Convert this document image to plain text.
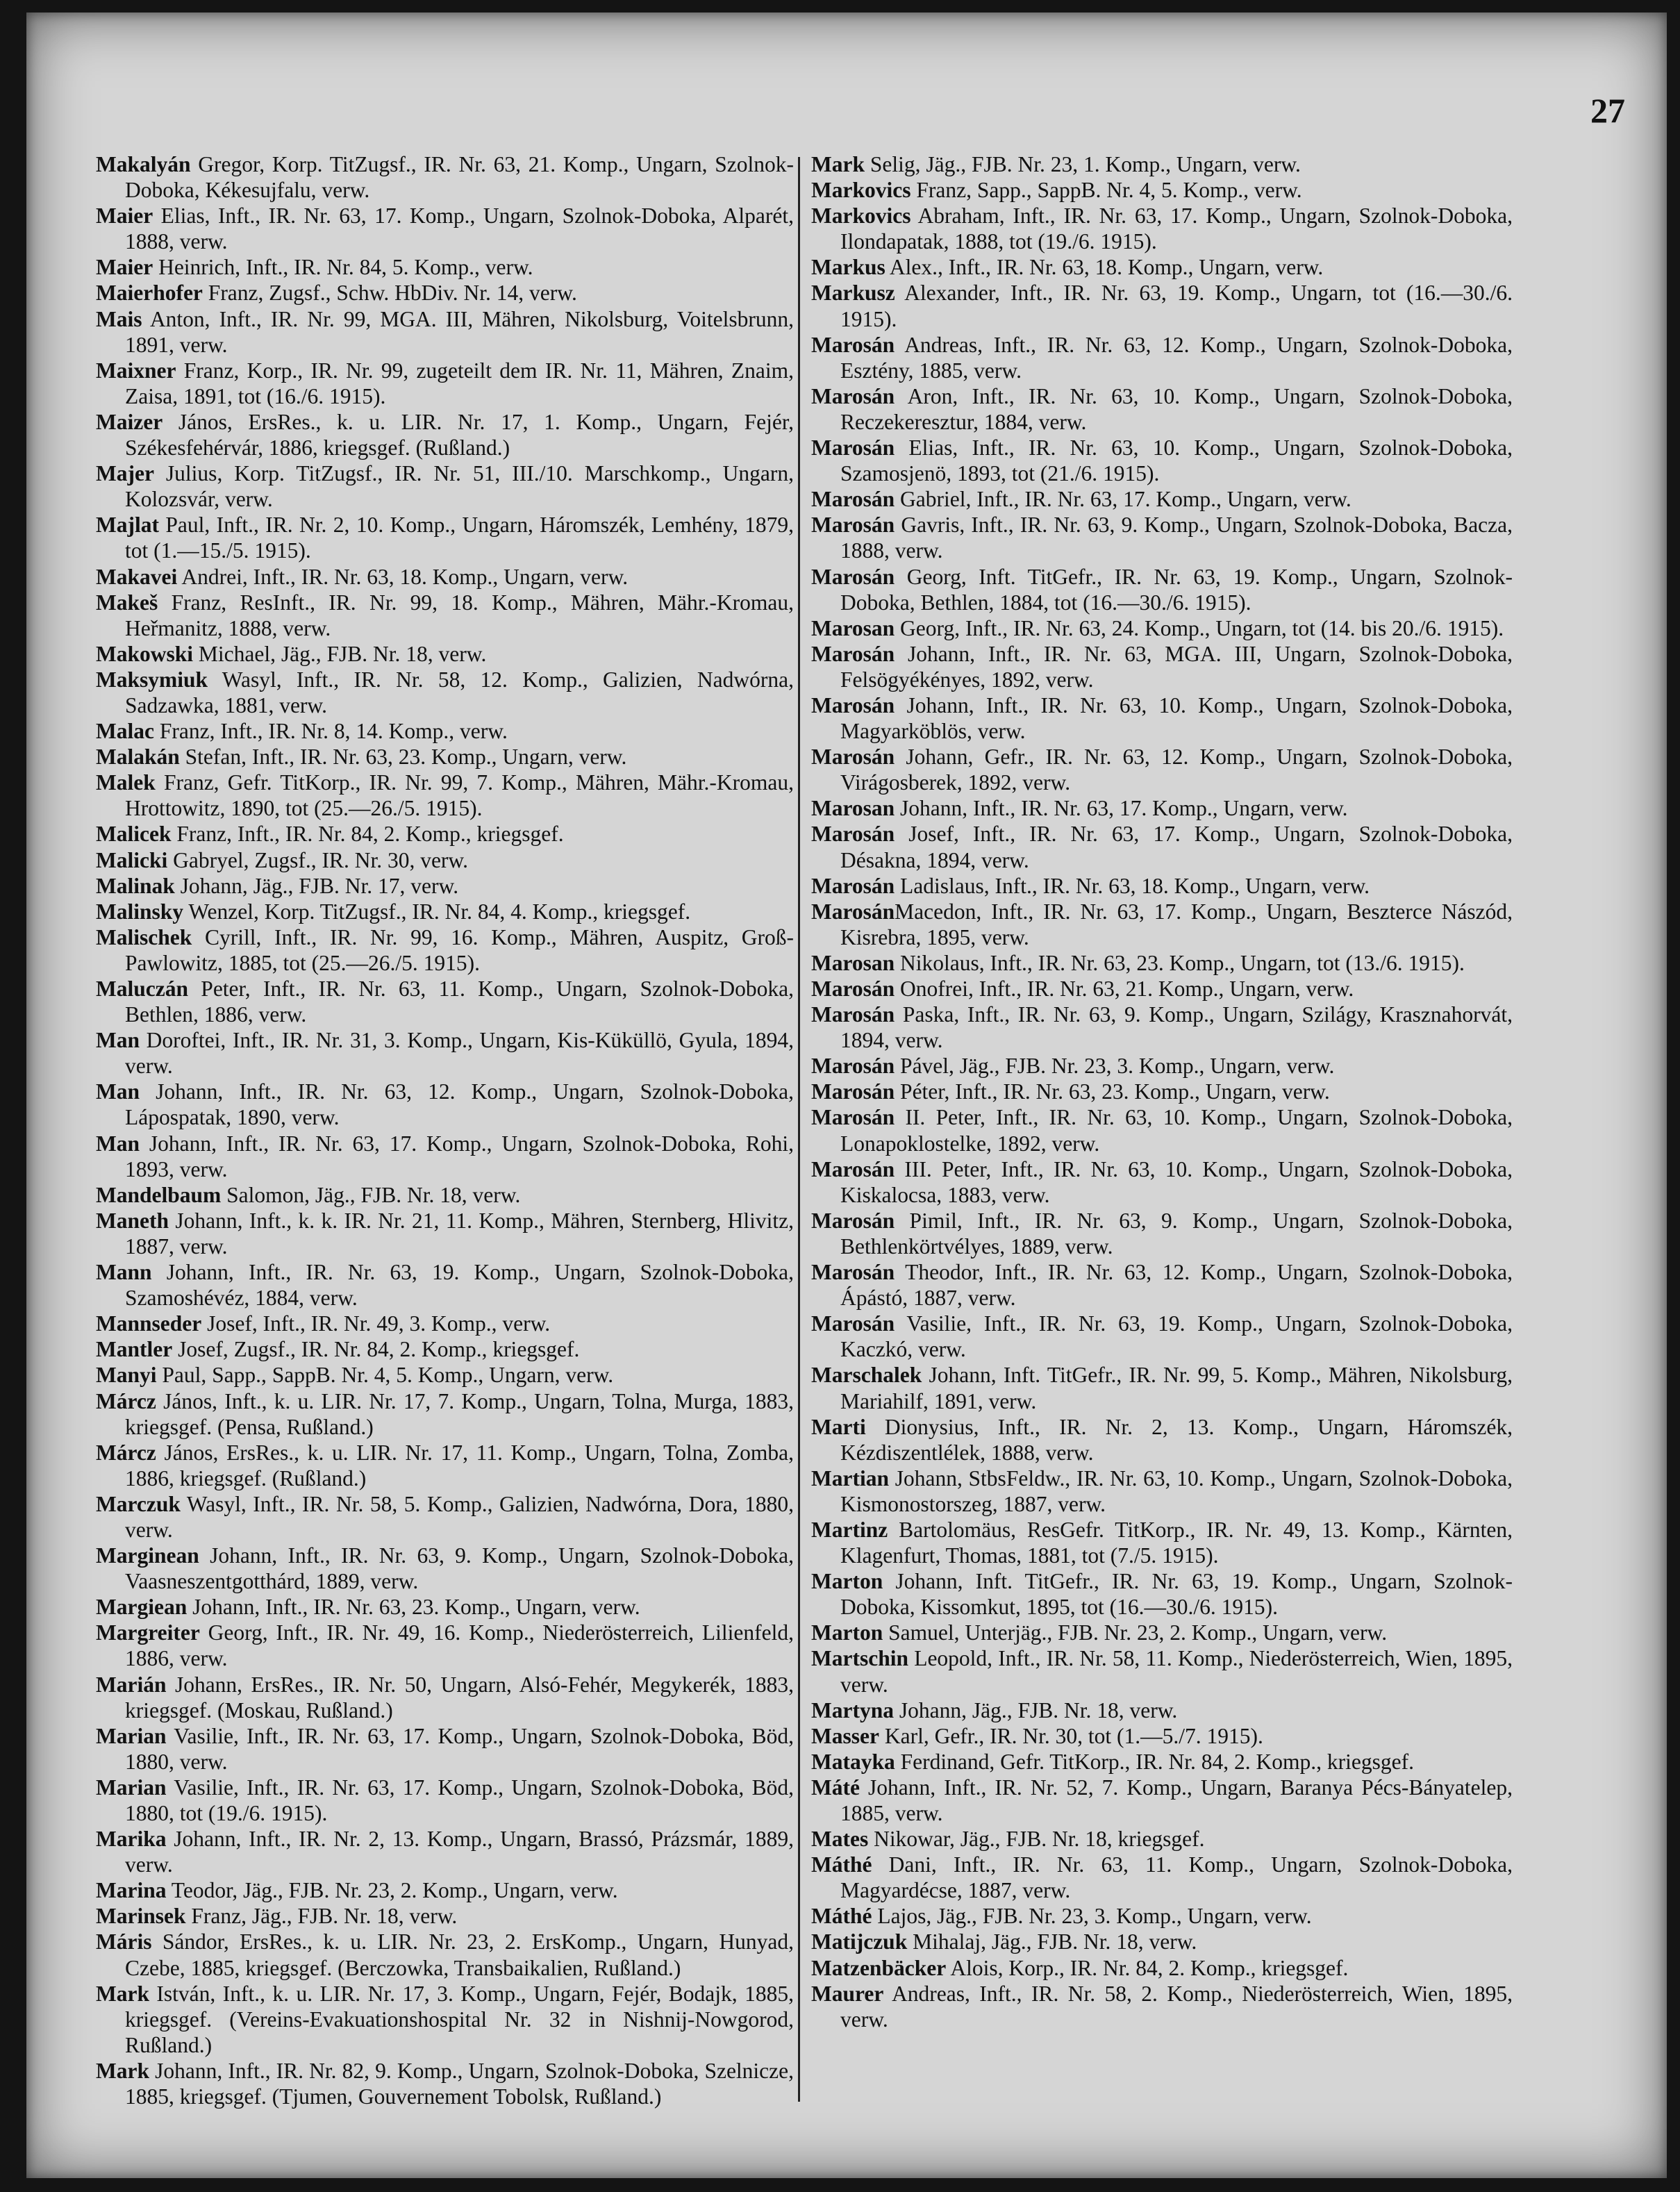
27

Makalyán Gregor, Korp. TitZugsf., IR. Nr. 63, 21. Komp., Ungarn, Szolnok-Doboka, Kékesujfalu, verw.

Maier Elias, Inft., IR. Nr. 63, 17. Komp., Ungarn, Szolnok-Doboka, Alparét, 1888, verw.

Maier Heinrich, Inft., IR. Nr. 84, 5. Komp., verw.

Maierhofer Franz, Zugsf., Schw. HbDiv. Nr. 14, verw.

Mais Anton, Inft., IR. Nr. 99, MGA. III, Mähren, Nikolsburg, Voitelsbrunn, 1891, verw.

Maixner Franz, Korp., IR. Nr. 99, zugeteilt dem IR. Nr. 11, Mähren, Znaim, Zaisa, 1891, tot (16./6. 1915).

Maizer János, ErsRes., k. u. LIR. Nr. 17, 1. Komp., Ungarn, Fejér, Székesfehérvár, 1886, kriegsgef. (Rußland.)

Majer Julius, Korp. TitZugsf., IR. Nr. 51, III./10. Marschkomp., Ungarn, Kolozsvár, verw.

Majlat Paul, Inft., IR. Nr. 2, 10. Komp., Ungarn, Háromszék, Lemhény, 1879, tot (1.—15./5. 1915).

Makavei Andrei, Inft., IR. Nr. 63, 18. Komp., Ungarn, verw.

Makeš Franz, ResInft., IR. Nr. 99, 18. Komp., Mähren, Mähr.-Kromau, Heřmanitz, 1888, verw.

Makowski Michael, Jäg., FJB. Nr. 18, verw.

Maksymiuk Wasyl, Inft., IR. Nr. 58, 12. Komp., Galizien, Nadwórna, Sadzawka, 1881, verw.

Malac Franz, Inft., IR. Nr. 8, 14. Komp., verw.

Malakán Stefan, Inft., IR. Nr. 63, 23. Komp., Ungarn, verw.

Malek Franz, Gefr. TitKorp., IR. Nr. 99, 7. Komp., Mähren, Mähr.-Kromau, Hrottowitz, 1890, tot (25.—26./5. 1915).

Malicek Franz, Inft., IR. Nr. 84, 2. Komp., kriegsgef.

Malicki Gabryel, Zugsf., IR. Nr. 30, verw.

Malinak Johann, Jäg., FJB. Nr. 17, verw.

Malinsky Wenzel, Korp. TitZugsf., IR. Nr. 84, 4. Komp., kriegsgef.

Malischek Cyrill, Inft., IR. Nr. 99, 16. Komp., Mähren, Auspitz, Groß-Pawlowitz, 1885, tot (25.—26./5. 1915).

Maluczán Peter, Inft., IR. Nr. 63, 11. Komp., Ungarn, Szolnok-Doboka, Bethlen, 1886, verw.

Man Doroftei, Inft., IR. Nr. 31, 3. Komp., Ungarn, Kis-Küküllö, Gyula, 1894, verw.

Man Johann, Inft., IR. Nr. 63, 12. Komp., Ungarn, Szolnok-Doboka, Lápospatak, 1890, verw.

Man Johann, Inft., IR. Nr. 63, 17. Komp., Ungarn, Szolnok-Doboka, Rohi, 1893, verw.

Mandelbaum Salomon, Jäg., FJB. Nr. 18, verw.

Maneth Johann, Inft., k. k. IR. Nr. 21, 11. Komp., Mähren, Sternberg, Hlivitz, 1887, verw.

Mann Johann, Inft., IR. Nr. 63, 19. Komp., Ungarn, Szolnok-Doboka, Szamoshévéz, 1884, verw.

Mannseder Josef, Inft., IR. Nr. 49, 3. Komp., verw.

Mantler Josef, Zugsf., IR. Nr. 84, 2. Komp., kriegsgef.

Manyi Paul, Sapp., SappB. Nr. 4, 5. Komp., Ungarn, verw.

Márcz János, Inft., k. u. LIR. Nr. 17, 7. Komp., Ungarn, Tolna, Murga, 1883, kriegsgef. (Pensa, Rußland.)

Márcz János, ErsRes., k. u. LIR. Nr. 17, 11. Komp., Ungarn, Tolna, Zomba, 1886, kriegsgef. (Rußland.)

Marczuk Wasyl, Inft., IR. Nr. 58, 5. Komp., Galizien, Nadwórna, Dora, 1880, verw.

Marginean Johann, Inft., IR. Nr. 63, 9. Komp., Ungarn, Szolnok-Doboka, Vaasneszentgotthárd, 1889, verw.

Margiean Johann, Inft., IR. Nr. 63, 23. Komp., Ungarn, verw.

Margreiter Georg, Inft., IR. Nr. 49, 16. Komp., Niederösterreich, Lilienfeld, 1886, verw.

Marián Johann, ErsRes., IR. Nr. 50, Ungarn, Alsó-Fehér, Megykerék, 1883, kriegsgef. (Moskau, Rußland.)

Marian Vasilie, Inft., IR. Nr. 63, 17. Komp., Ungarn, Szolnok-Doboka, Böd, 1880, verw.

Marian Vasilie, Inft., IR. Nr. 63, 17. Komp., Ungarn, Szolnok-Doboka, Böd, 1880, tot (19./6. 1915).

Marika Johann, Inft., IR. Nr. 2, 13. Komp., Ungarn, Brassó, Prázsmár, 1889, verw.

Marina Teodor, Jäg., FJB. Nr. 23, 2. Komp., Ungarn, verw.

Marinsek Franz, Jäg., FJB. Nr. 18, verw.

Máris Sándor, ErsRes., k. u. LIR. Nr. 23, 2. ErsKomp., Ungarn, Hunyad, Czebe, 1885, kriegsgef. (Berczowka, Transbaikalien, Rußland.)

Mark István, Inft., k. u. LIR. Nr. 17, 3. Komp., Ungarn, Fejér, Bodajk, 1885, kriegsgef. (Vereins-Evakuationshospital Nr. 32 in Nishnij-Nowgorod, Rußland.)

Mark Johann, Inft., IR. Nr. 82, 9. Komp., Ungarn, Szolnok-Doboka, Szelnicze, 1885, kriegsgef. (Tjumen, Gouvernement Tobolsk, Rußland.)

Mark Selig, Jäg., FJB. Nr. 23, 1. Komp., Ungarn, verw.

Markovics Franz, Sapp., SappB. Nr. 4, 5. Komp., verw.

Markovics Abraham, Inft., IR. Nr. 63, 17. Komp., Ungarn, Szolnok-Doboka, Ilondapatak, 1888, tot (19./6. 1915).

Markus Alex., Inft., IR. Nr. 63, 18. Komp., Ungarn, verw.

Markusz Alexander, Inft., IR. Nr. 63, 19. Komp., Ungarn, tot (16.—30./6. 1915).

Marosán Andreas, Inft., IR. Nr. 63, 12. Komp., Ungarn, Szolnok-Doboka, Esztény, 1885, verw.

Marosán Aron, Inft., IR. Nr. 63, 10. Komp., Ungarn, Szolnok-Doboka, Reczekeresztur, 1884, verw.

Marosán Elias, Inft., IR. Nr. 63, 10. Komp., Ungarn, Szolnok-Doboka, Szamosjenö, 1893, tot (21./6. 1915).

Marosán Gabriel, Inft., IR. Nr. 63, 17. Komp., Ungarn, verw.

Marosán Gavris, Inft., IR. Nr. 63, 9. Komp., Ungarn, Szolnok-Doboka, Bacza, 1888, verw.

Marosán Georg, Inft. TitGefr., IR. Nr. 63, 19. Komp., Ungarn, Szolnok-Doboka, Bethlen, 1884, tot (16.—30./6. 1915).

Marosan Georg, Inft., IR. Nr. 63, 24. Komp., Ungarn, tot (14. bis 20./6. 1915).

Marosán Johann, Inft., IR. Nr. 63, MGA. III, Ungarn, Szolnok-Doboka, Felsögyékényes, 1892, verw.

Marosán Johann, Inft., IR. Nr. 63, 10. Komp., Ungarn, Szolnok-Doboka, Magyarköblös, verw.

Marosán Johann, Gefr., IR. Nr. 63, 12. Komp., Ungarn, Szolnok-Doboka, Virágosberek, 1892, verw.

Marosan Johann, Inft., IR. Nr. 63, 17. Komp., Ungarn, verw.

Marosán Josef, Inft., IR. Nr. 63, 17. Komp., Ungarn, Szolnok-Doboka, Désakna, 1894, verw.

Marosán Ladislaus, Inft., IR. Nr. 63, 18. Komp., Ungarn, verw.

MarosánMacedon, Inft., IR. Nr. 63, 17. Komp., Ungarn, Beszterce Nászód, Kisrebra, 1895, verw.

Marosan Nikolaus, Inft., IR. Nr. 63, 23. Komp., Ungarn, tot (13./6. 1915).

Marosán Onofrei, Inft., IR. Nr. 63, 21. Komp., Ungarn, verw.

Marosán Paska, Inft., IR. Nr. 63, 9. Komp., Ungarn, Szilágy, Krasznahorvát, 1894, verw.

Marosán Pável, Jäg., FJB. Nr. 23, 3. Komp., Ungarn, verw.

Marosán Péter, Inft., IR. Nr. 63, 23. Komp., Ungarn, verw.

Marosán II. Peter, Inft., IR. Nr. 63, 10. Komp., Ungarn, Szolnok-Doboka, Lonapoklostelke, 1892, verw.

Marosán III. Peter, Inft., IR. Nr. 63, 10. Komp., Ungarn, Szolnok-Doboka, Kiskalocsa, 1883, verw.

Marosán Pimil, Inft., IR. Nr. 63, 9. Komp., Ungarn, Szolnok-Doboka, Bethlenkörtvélyes, 1889, verw.

Marosán Theodor, Inft., IR. Nr. 63, 12. Komp., Ungarn, Szolnok-Doboka, Ápástó, 1887, verw.

Marosán Vasilie, Inft., IR. Nr. 63, 19. Komp., Ungarn, Szolnok-Doboka, Kaczkó, verw.

Marschalek Johann, Inft. TitGefr., IR. Nr. 99, 5. Komp., Mähren, Nikolsburg, Mariahilf, 1891, verw.

Marti Dionysius, Inft., IR. Nr. 2, 13. Komp., Ungarn, Háromszék, Kézdiszentlélek, 1888, verw.

Martian Johann, StbsFeldw., IR. Nr. 63, 10. Komp., Ungarn, Szolnok-Doboka, Kismonostorszeg, 1887, verw.

Martinz Bartolomäus, ResGefr. TitKorp., IR. Nr. 49, 13. Komp., Kärnten, Klagenfurt, Thomas, 1881, tot (7./5. 1915).

Marton Johann, Inft. TitGefr., IR. Nr. 63, 19. Komp., Ungarn, Szolnok-Doboka, Kissomkut, 1895, tot (16.—30./6. 1915).

Marton Samuel, Unterjäg., FJB. Nr. 23, 2. Komp., Ungarn, verw.

Martschin Leopold, Inft., IR. Nr. 58, 11. Komp., Niederösterreich, Wien, 1895, verw.

Martyna Johann, Jäg., FJB. Nr. 18, verw.

Masser Karl, Gefr., IR. Nr. 30, tot (1.—5./7. 1915).

Matayka Ferdinand, Gefr. TitKorp., IR. Nr. 84, 2. Komp., kriegsgef.

Máté Johann, Inft., IR. Nr. 52, 7. Komp., Ungarn, Baranya Pécs-Bányatelep, 1885, verw.

Mates Nikowar, Jäg., FJB. Nr. 18, kriegsgef.

Máthé Dani, Inft., IR. Nr. 63, 11. Komp., Ungarn, Szolnok-Doboka, Magyardécse, 1887, verw.

Máthé Lajos, Jäg., FJB. Nr. 23, 3. Komp., Ungarn, verw.

Matijczuk Mihalaj, Jäg., FJB. Nr. 18, verw.

Matzenbäcker Alois, Korp., IR. Nr. 84, 2. Komp., kriegsgef.

Maurer Andreas, Inft., IR. Nr. 58, 2. Komp., Niederösterreich, Wien, 1895, verw.
